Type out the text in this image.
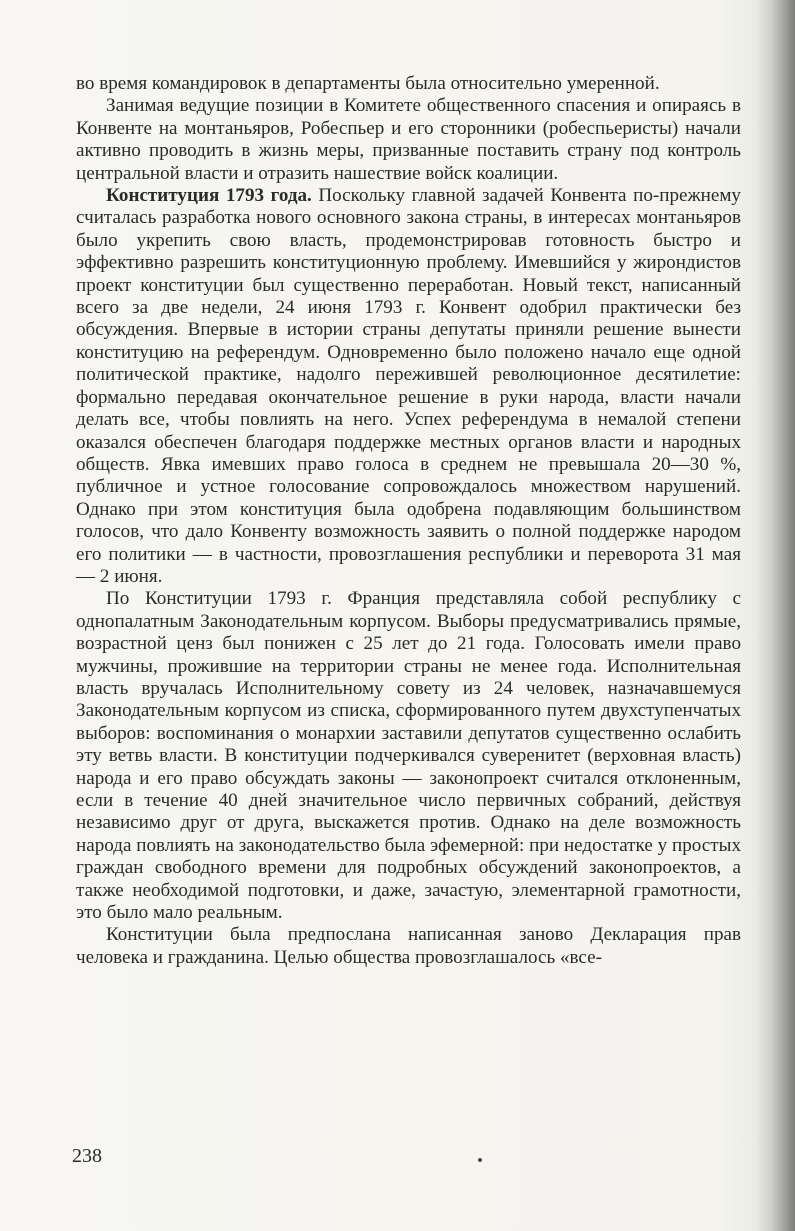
во время командировок в департаменты была относительно умеренной.

Занимая ведущие позиции в Комитете общественного спасения и опираясь в Конвенте на монтаньяров, Робеспьер и его сторонники (робеспьеристы) начали активно проводить в жизнь меры, призванные поставить страну под контроль центральной власти и отразить нашествие войск коалиции.

Конституция 1793 года. Поскольку главной задачей Конвента по-прежнему считалась разработка нового основного закона страны, в интересах монтаньяров было укрепить свою власть, продемонстрировав готовность быстро и эффективно разрешить конституционную проблему. Имевшийся у жирондистов проект конституции был существенно переработан. Новый текст, написанный всего за две недели, 24 июня 1793 г. Конвент одобрил практически без обсуждения. Впервые в истории страны депутаты приняли решение вынести конституцию на референдум. Одновременно было положено начало еще одной политической практике, надолго пережившей революционное десятилетие: формально передавая окончательное решение в руки народа, власти начали делать все, чтобы повлиять на него. Успех референдума в немалой степени оказался обеспечен благодаря поддержке местных органов власти и народных обществ. Явка имевших право голоса в среднем не превышала 20—30 %, публичное и устное голосование сопровождалось множеством нарушений. Однако при этом конституция была одобрена подавляющим большинством голосов, что дало Конвенту возможность заявить о полной поддержке народом его политики — в частности, провозглашения республики и переворота 31 мая — 2 июня.

По Конституции 1793 г. Франция представляла собой республику с однопалатным Законодательным корпусом. Выборы предусматривались прямые, возрастной ценз был понижен с 25 лет до 21 года. Голосовать имели право мужчины, прожившие на территории страны не менее года. Исполнительная власть вручалась Исполнительному совету из 24 человек, назначавшемуся Законодательным корпусом из списка, сформированного путем двухступенчатых выборов: воспоминания о монархии заставили депутатов существенно ослабить эту ветвь власти. В конституции подчеркивался суверенитет (верховная власть) народа и его право обсуждать законы — законопроект считался отклоненным, если в течение 40 дней значительное число первичных собраний, действуя независимо друг от друга, выскажется против. Однако на деле возможность народа повлиять на законодательство была эфемерной: при недостатке у простых граждан свободного времени для подробных обсуждений законопроектов, а также необходимой подготовки, и даже, зачастую, элементарной грамотности, это было мало реальным.

Конституции была предпослана написанная заново Декларация прав человека и гражданина. Целью общества провозглашалось «все-

238
